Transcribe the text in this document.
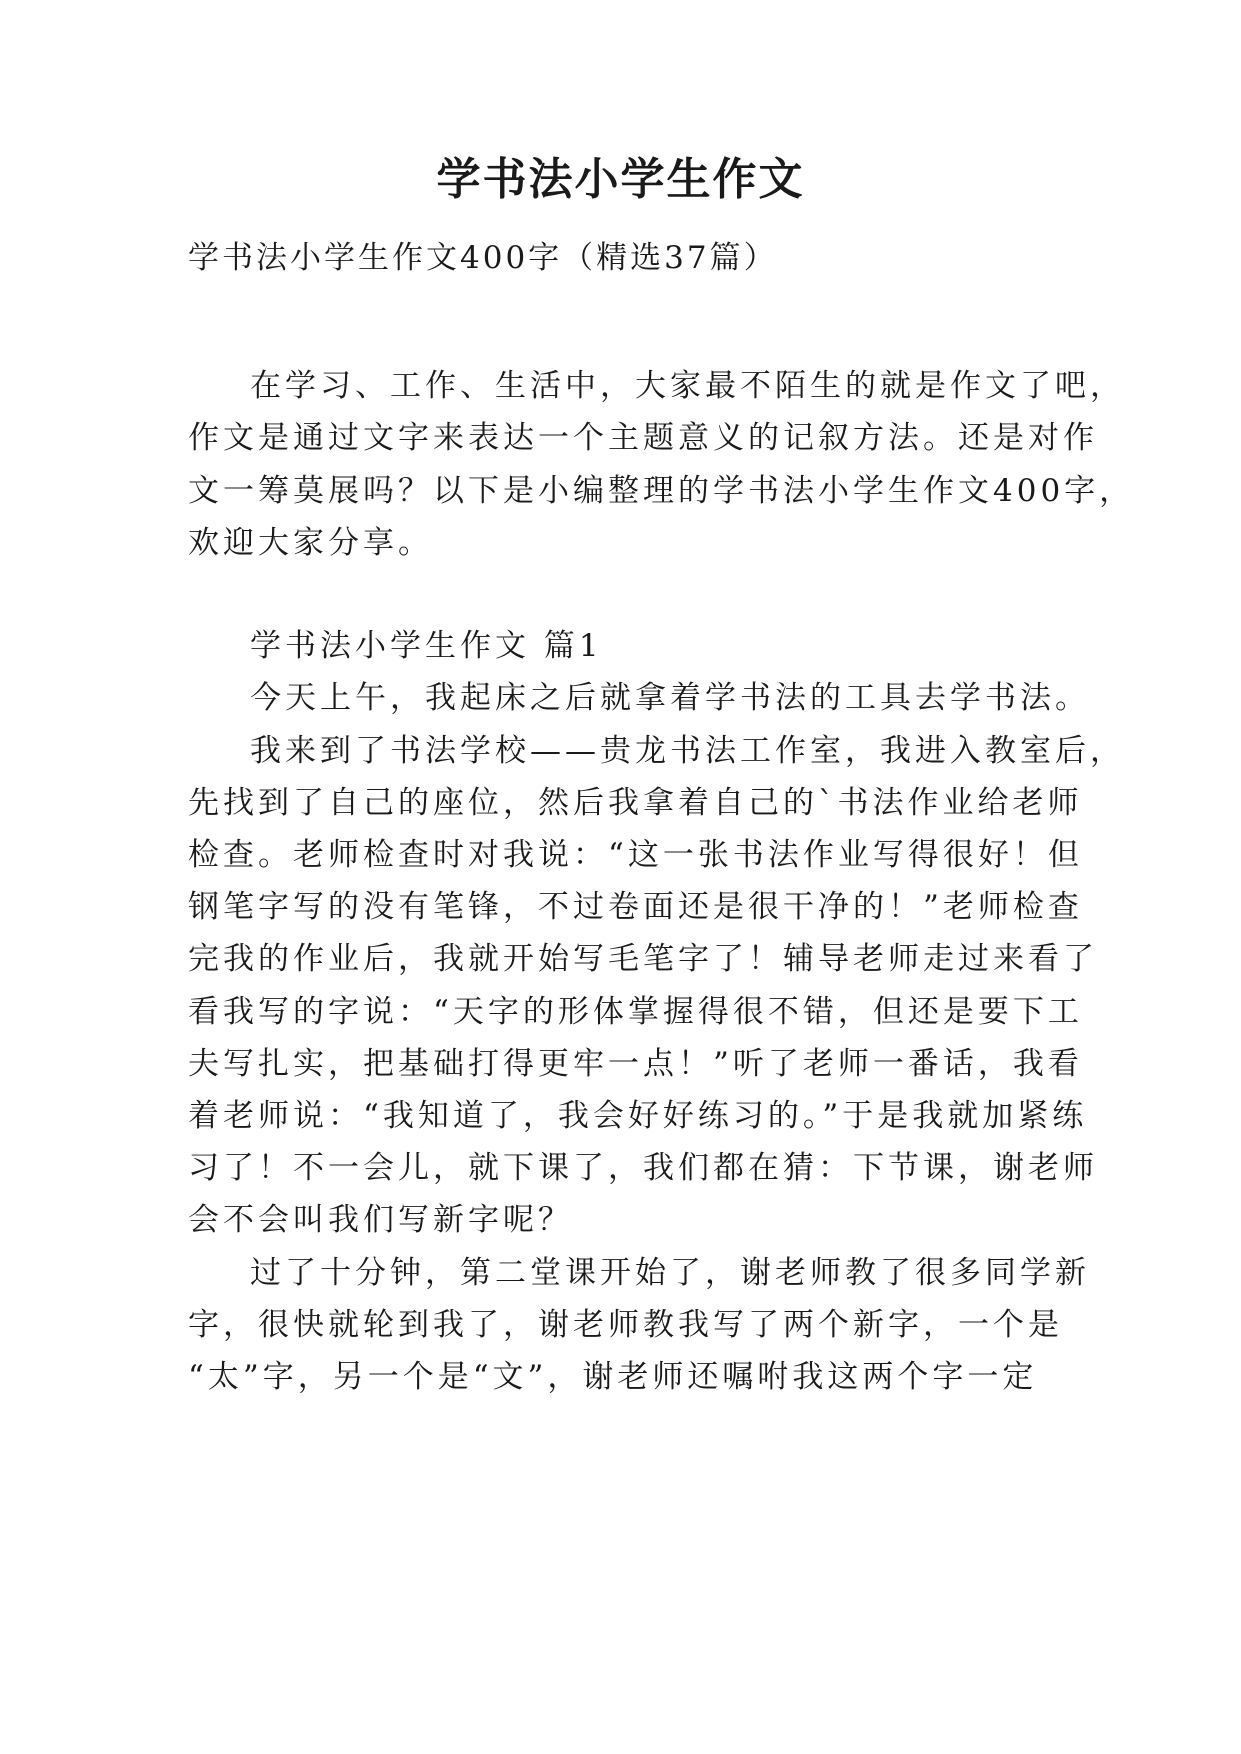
学书法小学生作文
学书法小学生作文400字（精选37篇）
在学习、工作、生活中，大家最不陌生的就是作文了吧，
作文是通过文字来表达一个主题意义的记叙方法。还是对作
文一筹莫展吗？以下是小编整理的学书法小学生作文400字，
欢迎大家分享。
学书法小学生作文 篇1
今天上午，我起床之后就拿着学书法的工具去学书法。
我来到了书法学校——贵龙书法工作室，我进入教室后，
先找到了自己的座位，然后我拿着自己的`书法作业给老师
检查。老师检查时对我说：“这一张书法作业写得很好！但
钢笔字写的没有笔锋，不过卷面还是很干净的！”老师检查
完我的作业后，我就开始写毛笔字了！辅导老师走过来看了
看我写的字说：“天字的形体掌握得很不错，但还是要下工
夫写扎实，把基础打得更牢一点！”听了老师一番话，我看
着老师说：“我知道了，我会好好练习的。”于是我就加紧练
习了！不一会儿，就下课了，我们都在猜：下节课，谢老师
会不会叫我们写新字呢？
过了十分钟，第二堂课开始了，谢老师教了很多同学新
字，很快就轮到我了，谢老师教我写了两个新字，一个是
“太”字，另一个是“文”，谢老师还嘱咐我这两个字一定
